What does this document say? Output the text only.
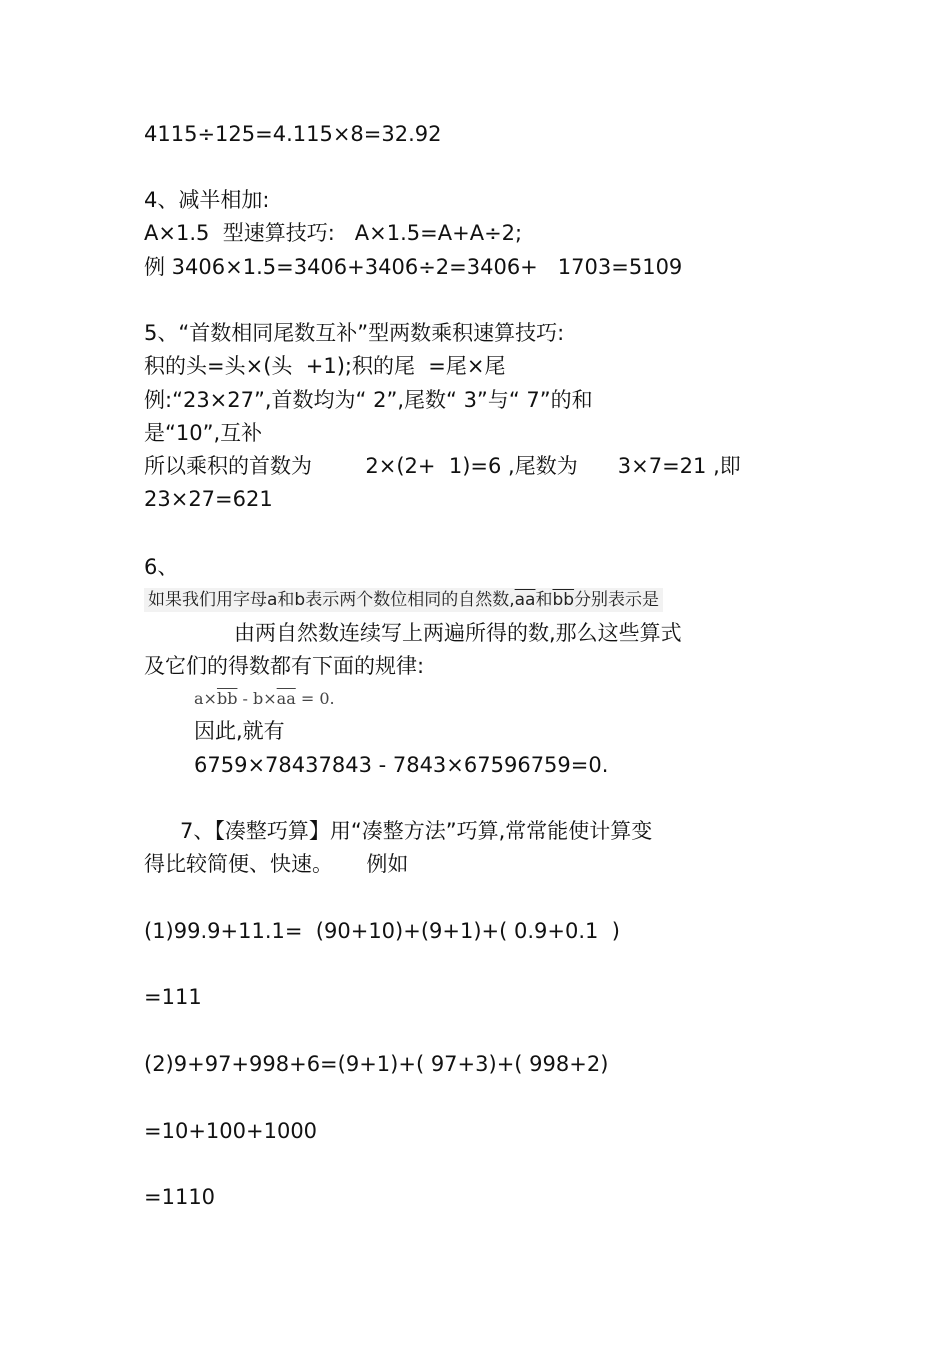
4115÷125=4.115×8=32.92
4、减半相加:
A×1.5  型速算技巧:   A×1.5=A+A÷2;
例 3406×1.5=3406+3406÷2=3406+   1703=5109
5、“首数相同尾数互补”型两数乘积速算技巧:
积的头=头×(头  +1);积的尾  =尾×尾
例:“23×27”,首数均为“ 2”,尾数“ 3”与“ 7”的和
是“10”,互补
所以乘积的首数为        2×(2+  1)=6 ,尾数为      3×7=21 ,即
23×27=621
6、
如果我们用字母a和b表示两个数位相同的自然数$,\overline{aa}$和$\overline{bb}$分别表示是
由两自然数连续写上两遍所得的数,那么这些算式
及它们的得数都有下面的规律:
$a\times\overline{bb} - b\times\overline{aa} = 0$.
因此,就有
6759×78437843 - 7843×67596759=0.
7、【凑整巧算】用“凑整方法”巧算,常常能使计算变
得比较简便、快速。     例如
(1)99.9+11.1=  (90+10)+(9+1)+( 0.9+0.1  )
=111
(2)9+97+998+6=(9+1)+( 97+3)+( 998+2)
=10+100+1000
=1110
